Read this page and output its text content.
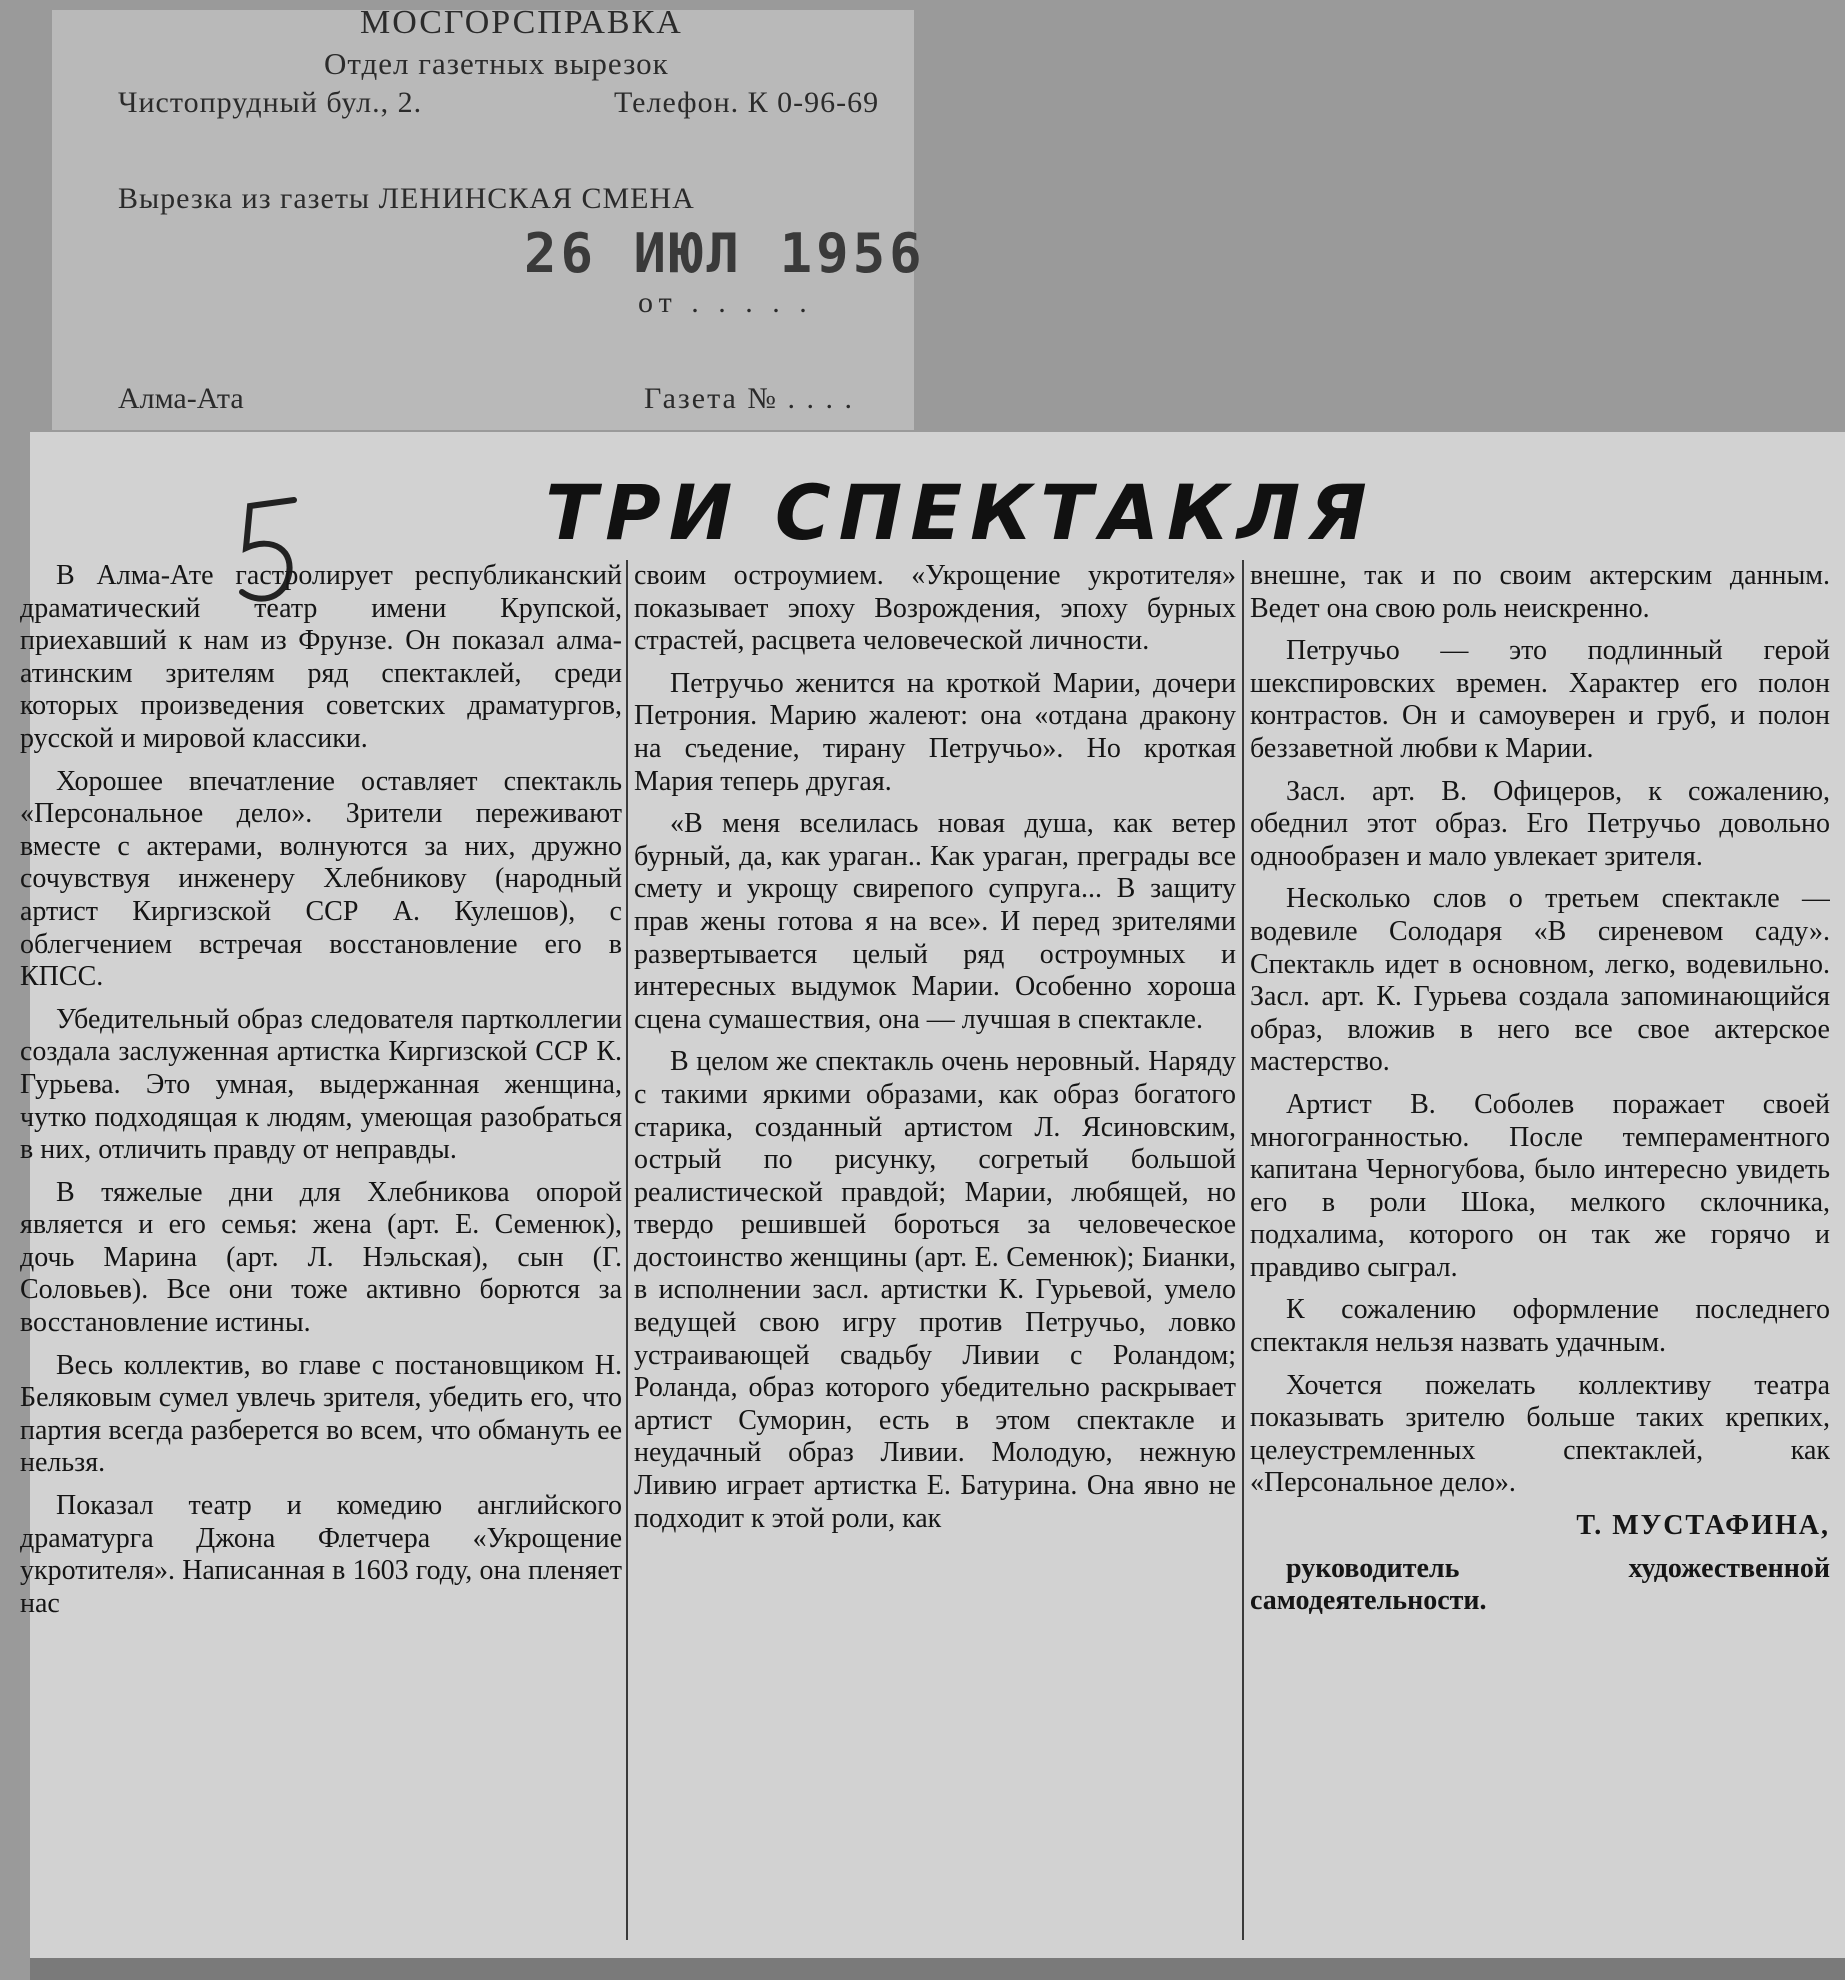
МОСГОРСПРАВКА
Отдел газетных вырезок
Чистопрудный бул., 2.	Телефон. К 0-96-69
Вырезка из газеты ЛЕНИНСКАЯ СМЕНА
26 ИЮЛ 1956
от . . . . .
Алма-Ата	Газета № . . . .
ТРИ СПЕКТАКЛЯ

В Алма-Ате гастролирует республиканский драматический театр имени Крупской, приехавший к нам из Фрунзе. Он показал алма-атинским зрителям ряд спектаклей, среди которых произведения советских драматургов, русской и мировой классики.

Хорошее впечатление оставляет спектакль «Персональное дело». Зрители переживают вместе с актерами, волнуются за них, дружно сочувствуя инженеру Хлебникову (народный артист Киргизской ССР А. Кулешов), с облегчением встречая восстановление его в КПСС.

Убедительный образ следователя партколлегии создала заслуженная артистка Киргизской ССР К. Гурьева. Это умная, выдержанная женщина, чутко подходящая к людям, умеющая разобраться в них, отличить правду от неправды.

В тяжелые дни для Хлебникова опорой является и его семья: жена (арт. Е. Семенюк), дочь Марина (арт. Л. Нэльская), сын (Г. Соловьев). Все они тоже активно борются за восстановление истины.

Весь коллектив, во главе с постановщиком Н. Беляковым сумел увлечь зрителя, убедить его, что партия всегда разберется во всем, что обмануть ее нельзя.

Показал театр и комедию английского драматурга Джона Флетчера «Укрощение укротителя». Написанная в 1603 году, она пленяет нас

своим остроумием. «Укрощение укротителя» показывает эпоху Возрождения, эпоху бурных страстей, расцвета человеческой личности.

Петручьо женится на кроткой Марии, дочери Петрония. Марию жалеют: она «отдана дракону на съедение, тирану Петручьо». Но кроткая Мария теперь другая.

«В меня вселилась новая душа, как ветер бурный, да, как ураган.. Как ураган, преграды все смету и укрощу свирепого супруга... В защиту прав жены готова я на все». И перед зрителями развертывается целый ряд остроумных и интересных выдумок Марии. Особенно хороша сцена сумашествия, она — лучшая в спектакле.

В целом же спектакль очень неровный. Наряду с такими яркими образами, как образ богатого старика, созданный артистом Л. Ясиновским, острый по рисунку, согретый большой реалистической правдой; Марии, любящей, но твердо решившей бороться за человеческое достоинство женщины (арт. Е. Семенюк); Бианки, в исполнении засл. артистки К. Гурьевой, умело ведущей свою игру против Петручьо, ловко устраивающей свадьбу Ливии с Роландом; Роланда, образ которого убедительно раскрывает артист Суморин, есть в этом спектакле и неудачный образ Ливии. Молодую, нежную Ливию играет артистка Е. Батурина. Она явно не подходит к этой роли, как

внешне, так и по своим актерским данным. Ведет она свою роль неискренно.

Петручьо — это подлинный герой шекспировских времен. Характер его полон контрастов. Он и самоуверен и груб, и полон беззаветной любви к Марии.

Засл. арт. В. Офицеров, к сожалению, обеднил этот образ. Его Петручьо довольно однообразен и мало увлекает зрителя.

Несколько слов о третьем спектакле — водевиле Солодаря «В сиреневом саду». Спектакль идет в основном, легко, водевильно. Засл. арт. К. Гурьева создала запоминающийся образ, вложив в него все свое актерское мастерство.

Артист В. Соболев поражает своей многогранностью. После темпераментного капитана Черногубова, было интересно увидеть его в роли Шока, мелкого склочника, подхалима, которого он так же горячо и правдиво сыграл.

К сожалению оформление последнего спектакля нельзя назвать удачным.

Хочется пожелать коллективу театра показывать зрителю больше таких крепких, целеустремленных спектаклей, как «Персональное дело».

Т. МУСТАФИНА,

руководитель художественной самодеятельности.
